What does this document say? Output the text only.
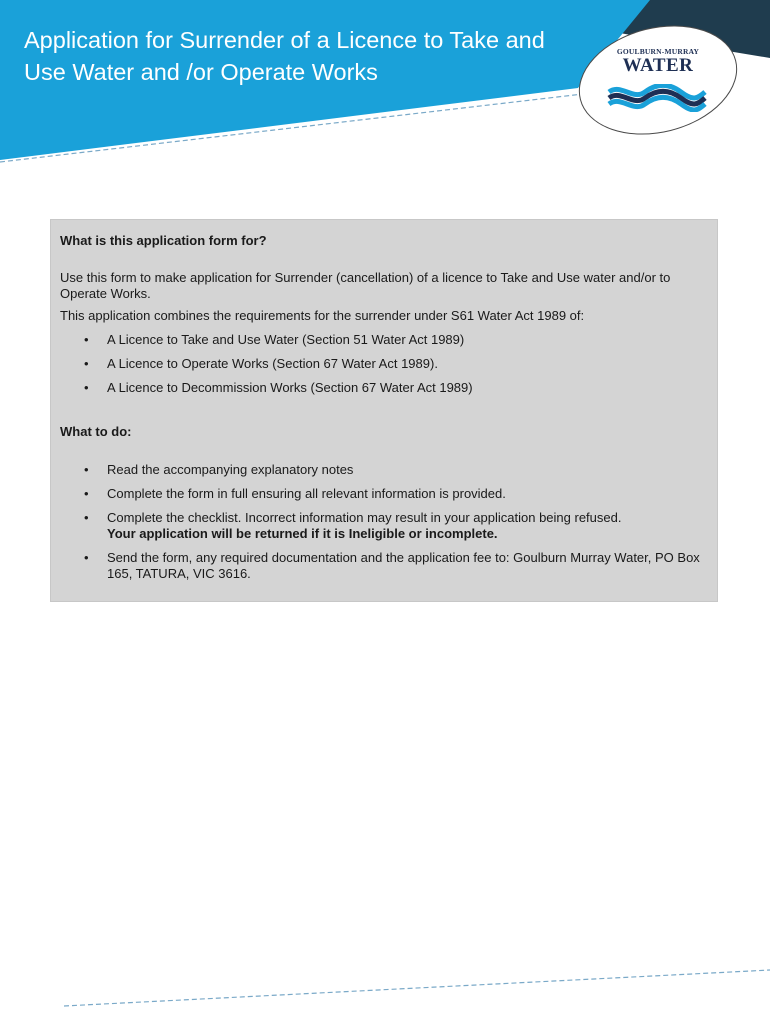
Application for Surrender of a Licence to Take and
Use Water and /or Operate Works
GOULBURN-MURRAY
WATER
What is this application form for?

Use this form to make application for Surrender (cancellation) of a licence to Take and Use water and/or to Operate Works.

This application combines the requirements for the surrender under S61 Water Act 1989 of:

• A Licence to Take and Use Water (Section 51 Water Act 1989)
• A Licence to Operate Works (Section 67 Water Act 1989).
• A Licence to Decommission Works (Section 67 Water Act 1989)
What to do:
• Read the accompanying explanatory notes
• Complete the form in full ensuring all relevant information is provided.
• Complete the checklist. Incorrect information may result in your application being refused.
Your application will be returned if it is Ineligible or incomplete.
• Send the form, any required documentation and the application fee to: Goulburn Murray Water, PO Box 165, TATURA, VIC 3616.
